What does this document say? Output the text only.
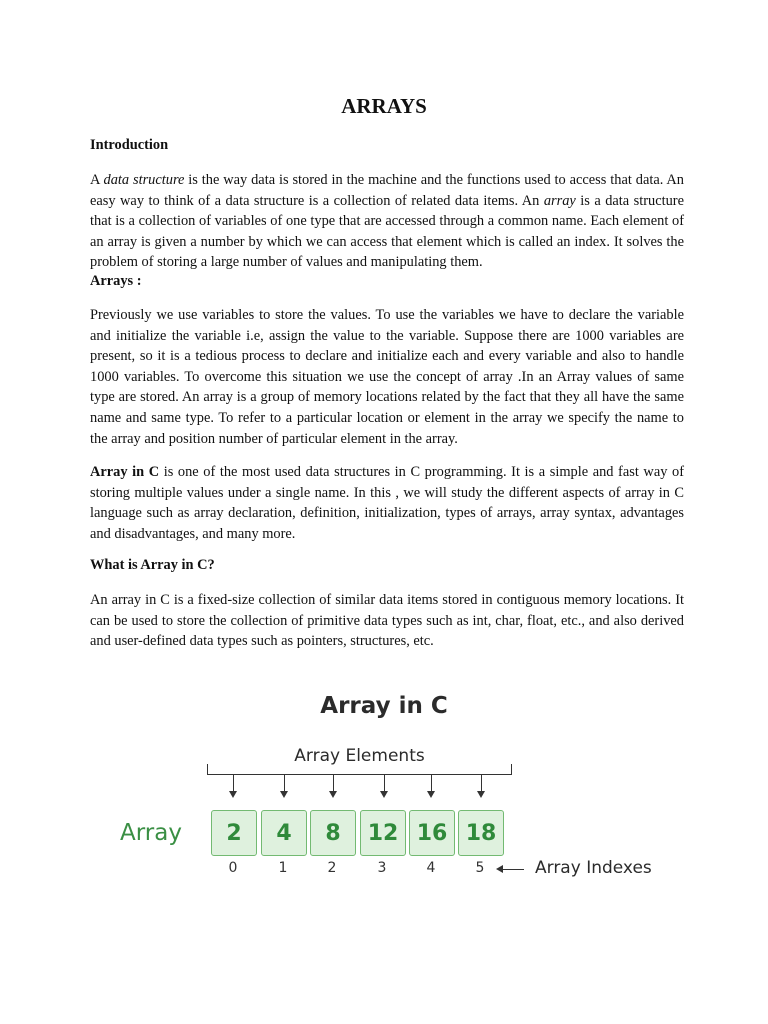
ARRAYS
Introduction

A data structure is the way data is stored in the machine and the functions used to access that data. An easy way to think of a data structure is a collection of related data items. An array is a data structure that is a collection of variables of one type that are accessed through a common name. Each element of an array is given a number by which we can access that element which is called an index. It solves the problem of storing a large number of values and manipulating them.

Arrays :

Previously we use variables to store the values. To use the variables we have to declare the variable and initialize the variable i.e, assign the value to the variable. Suppose there are 1000 variables are present, so it is a tedious process to declare and initialize each and every variable and also to handle 1000 variables. To overcome this situation we use the concept of array .In an Array values of same type are stored. An array is a group of memory locations related by the fact that they all have the same name and same type. To refer to a particular location or element in the array we specify the name to the array and position number of particular element in the array.

Array in C is one of the most used data structures in C programming. It is a simple and fast way of storing multiple values under a single name. In this , we will study the different aspects of array in C language such as array declaration, definition, initialization, types of arrays, array syntax, advantages and disadvantages, and many more.

What is Array in C?

An array in C is a fixed-size collection of similar data items stored in contiguous memory locations. It can be used to store the collection of primitive data types such as int, char, float, etc., and also derived and user-defined data types such as pointers, structures, etc.

Array in C
Array Elements
Array	2	4	8	12 16 18
0	1	2	3	4	5	Array Indexes
